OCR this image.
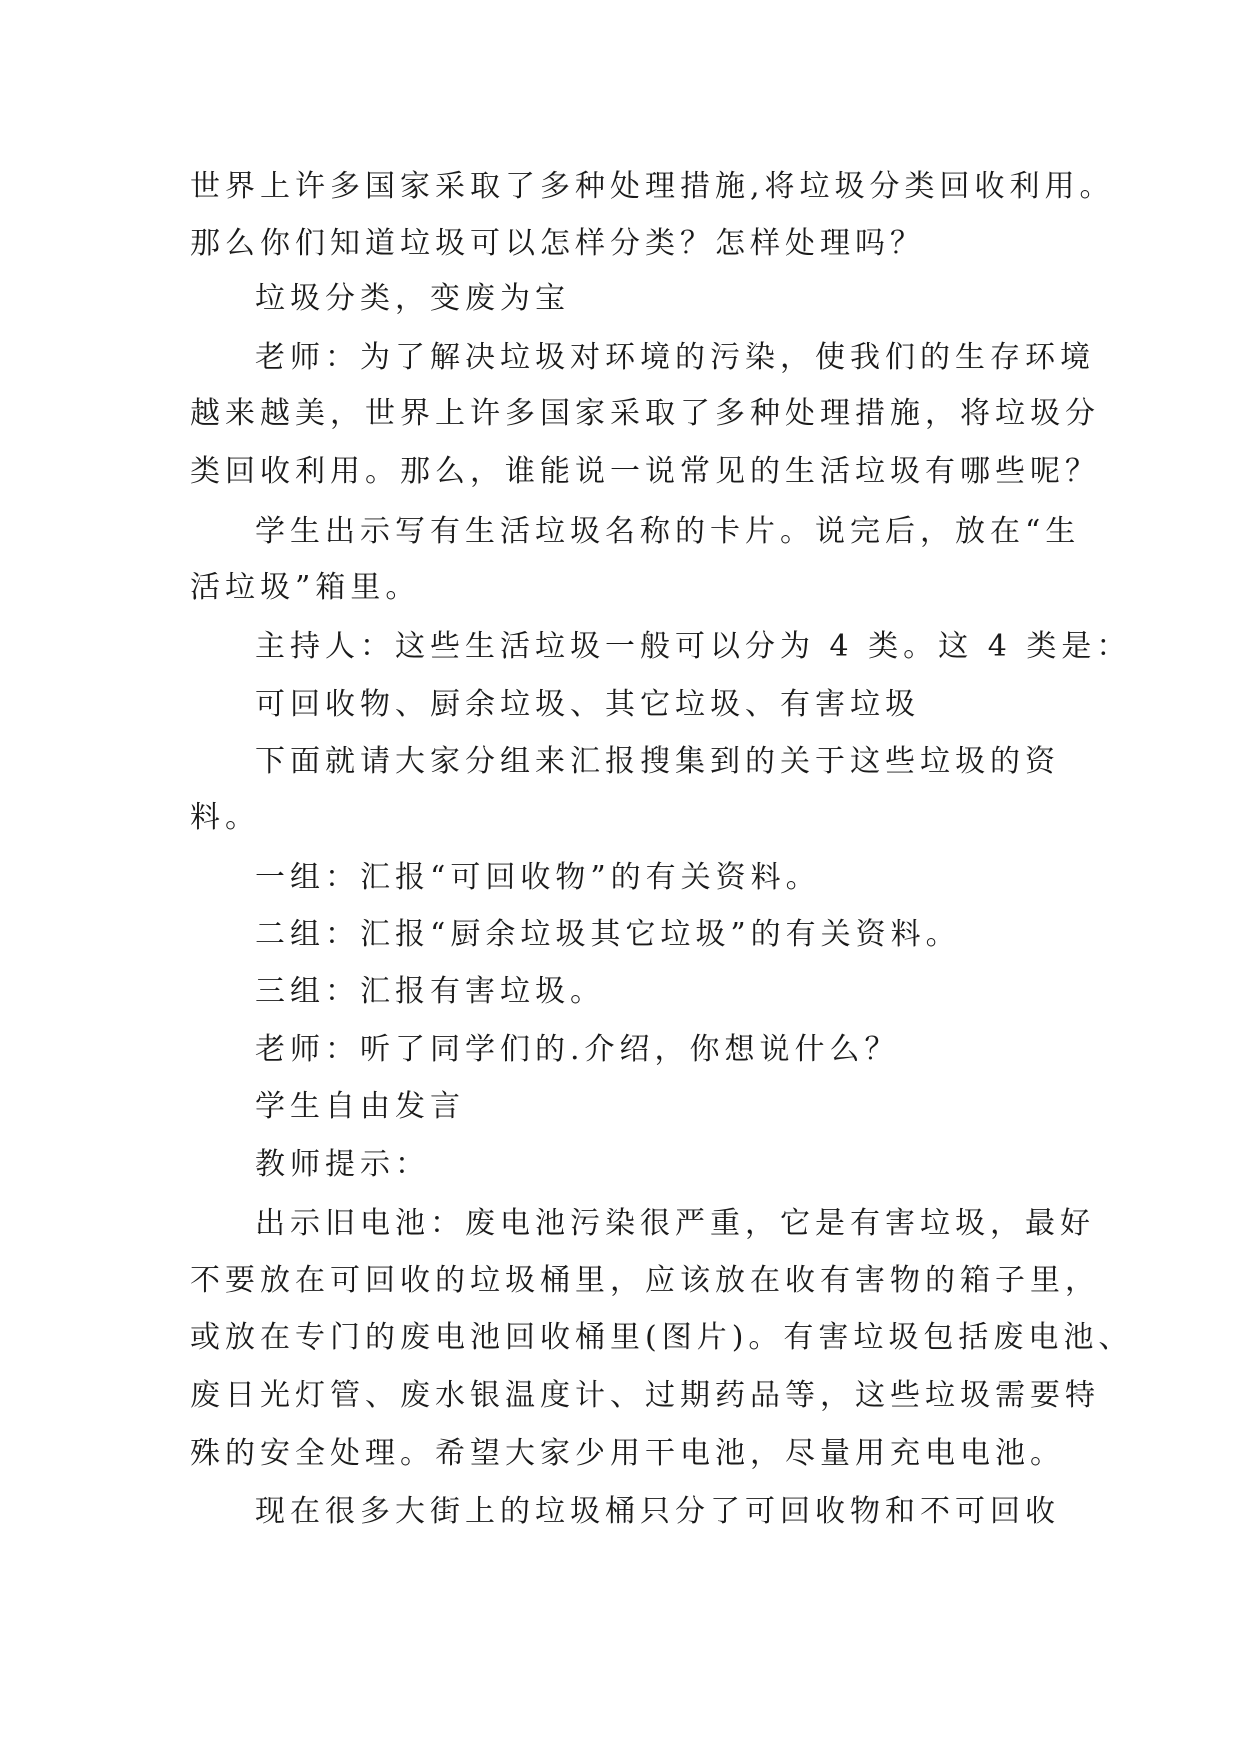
世界上许多国家采取了多种处理措施,将垃圾分类回收利用。
那么你们知道垃圾可以怎样分类？怎样处理吗？
垃圾分类，变废为宝
老师：为了解决垃圾对环境的污染，使我们的生存环境
越来越美，世界上许多国家采取了多种处理措施，将垃圾分
类回收利用。那么，谁能说一说常见的生活垃圾有哪些呢？
学生出示写有生活垃圾名称的卡片。说完后，放在“生
活垃圾”箱里。
主持人：这些生活垃圾一般可以分为 4 类。这 4 类是：
可回收物、厨余垃圾、其它垃圾、有害垃圾
下面就请大家分组来汇报搜集到的关于这些垃圾的资
料。
一组：汇报“可回收物”的有关资料。
二组：汇报“厨余垃圾其它垃圾”的有关资料。
三组：汇报有害垃圾。
老师：听了同学们的.介绍，你想说什么？
学生自由发言
教师提示：
出示旧电池：废电池污染很严重，它是有害垃圾，最好
不要放在可回收的垃圾桶里，应该放在收有害物的箱子里，
或放在专门的废电池回收桶里(图片)。有害垃圾包括废电池、
废日光灯管、废水银温度计、过期药品等，这些垃圾需要特
殊的安全处理。希望大家少用干电池，尽量用充电电池。
现在很多大街上的垃圾桶只分了可回收物和不可回收
